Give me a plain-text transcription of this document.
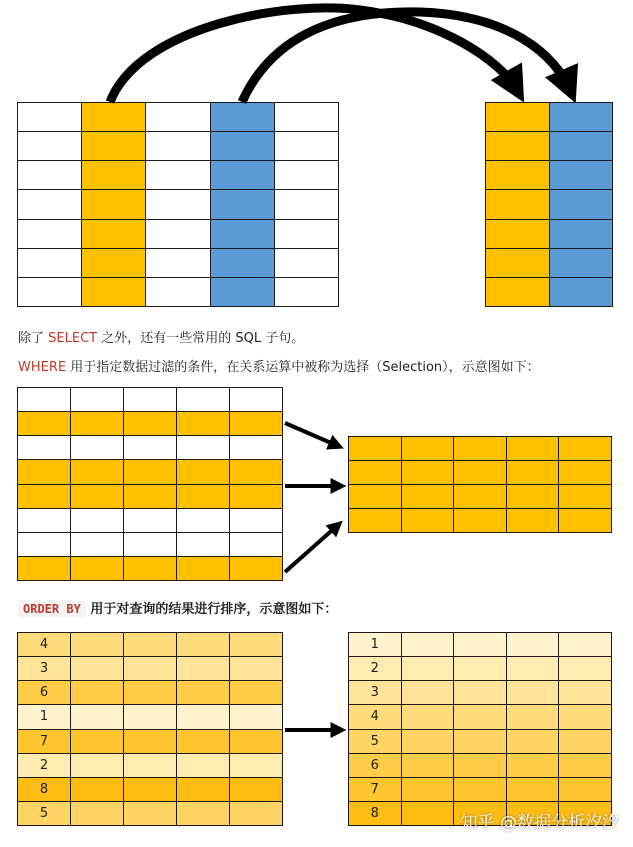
除了 SELECT 之外，还有一些常用的 SQL 子句。
WHERE 用于指定数据过滤的条件，在关系运算中被称为选择（Selection），示意图如下：
ORDER BY 用于对查询的结果进行排序，示意图如下：

4				
3				
6				
1				
7				
2				
8				
5				
1				
2				
3				
4				
5				
6				
7				
8					知乎 @数据分析汐汐
